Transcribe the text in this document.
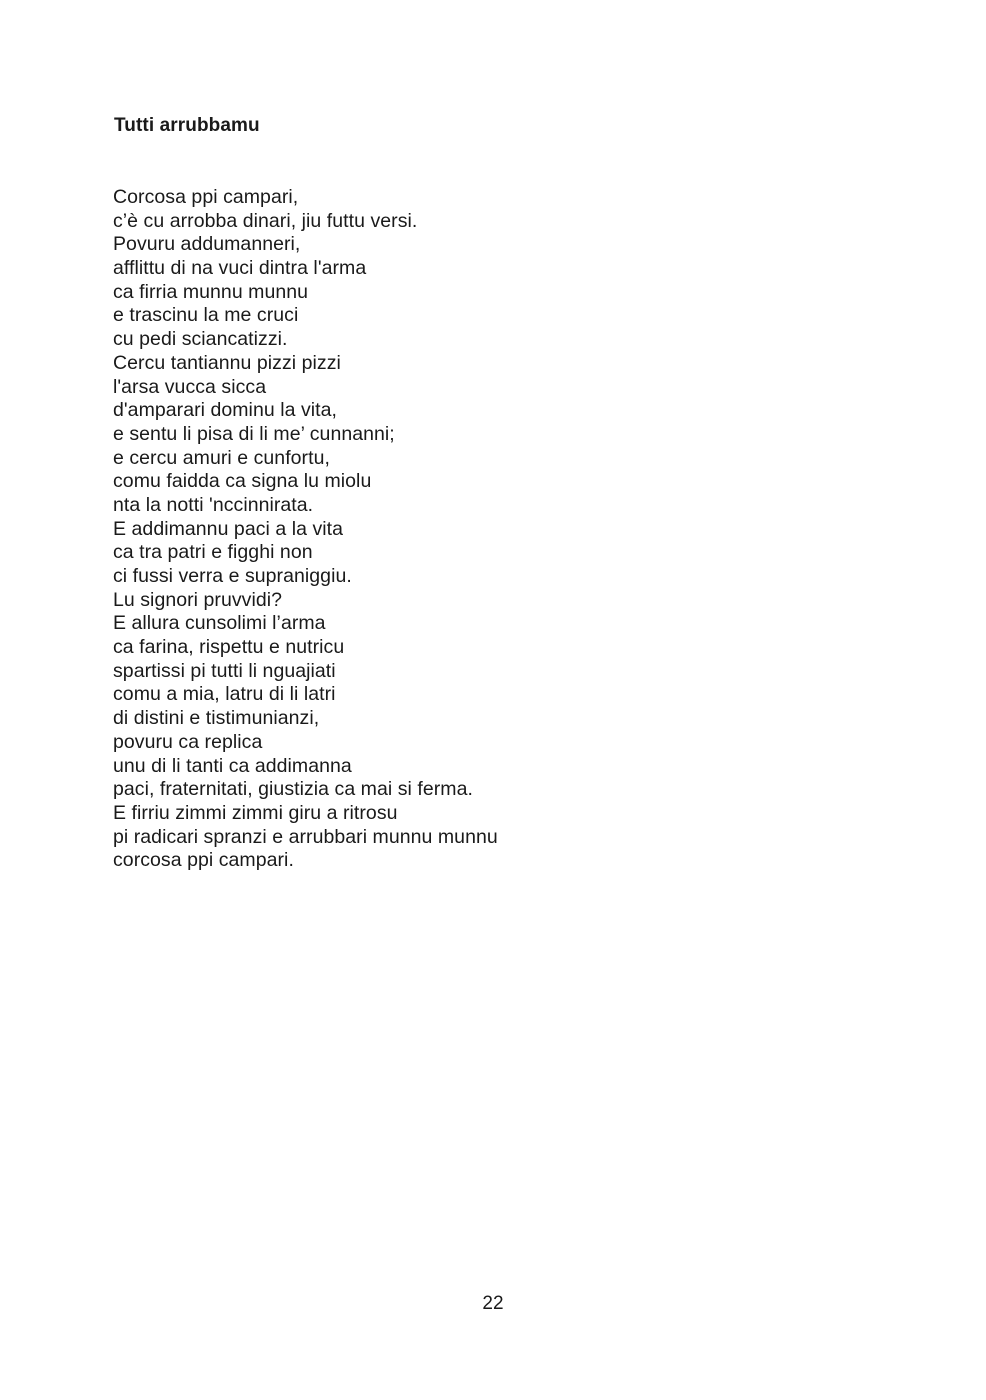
Tutti arrubbamu
Corcosa ppi campari,
c’è cu arrobba dinari, jiu futtu versi.
Povuru addumanneri,
afflittu di na vuci dintra l'arma
ca firria munnu munnu
e trascinu la me cruci
cu pedi sciancatizzi.
Cercu tantiannu pizzi pizzi
l'arsa vucca sicca
d'amparari dominu la vita,
e sentu li pisa di li me’ cunnanni;
e cercu amuri e cunfortu,
comu faidda ca signa lu miolu
nta la notti 'nccinnirata.
E addimannu paci a la vita
ca tra patri e figghi non
ci fussi verra e supraniggiu.
Lu signori pruvvidi?
E allura cunsolimi l’arma
ca farina, rispettu e nutricu
spartissi pi tutti li nguajiati
comu a mia, latru di li latri
di distini e tistimunianzi,
povuru ca replica
unu di li tanti ca addimanna
paci, fraternitati, giustizia ca mai si ferma.
E firriu zimmi zimmi giru a ritrosu
pi radicari spranzi e arrubbari munnu munnu
corcosa ppi campari.
22
